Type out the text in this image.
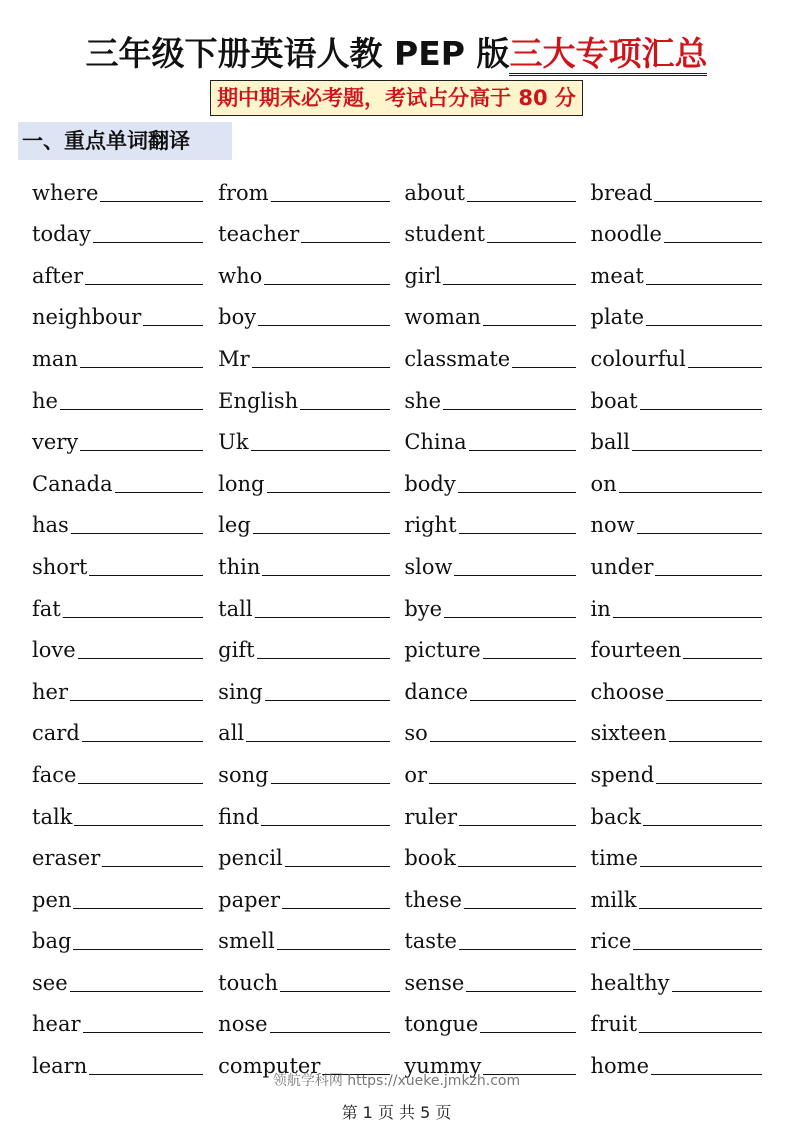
三年级下册英语人教 PEP 版三大专项汇总
期中期末必考题，考试占分高于 80 分
一、重点单词翻译
where	from	about	bread
today	teacher	student	noodle
after	who	girl	meat
neighbour	boy	woman	plate
man	Mr	classmate	colourful
he	English	she	boat
very	Uk	China	ball
Canada	long	body	on
has	leg	right	now
short	thin	slow	under
fat	tall	bye	in
love	gift	picture	fourteen
her	sing	dance	choose
card	all	so	sixteen
face	song	or	spend
talk	find	ruler	back
eraser	pencil	book	time
pen	paper	these	milk
bag	smell	taste	rice
see	touch	sense	healthy
hear	nose	tongue	fruit
learn	computer	yummy	home
领航学科网 https://xueke.jmkzh.com
第 1 页 共 5 页
